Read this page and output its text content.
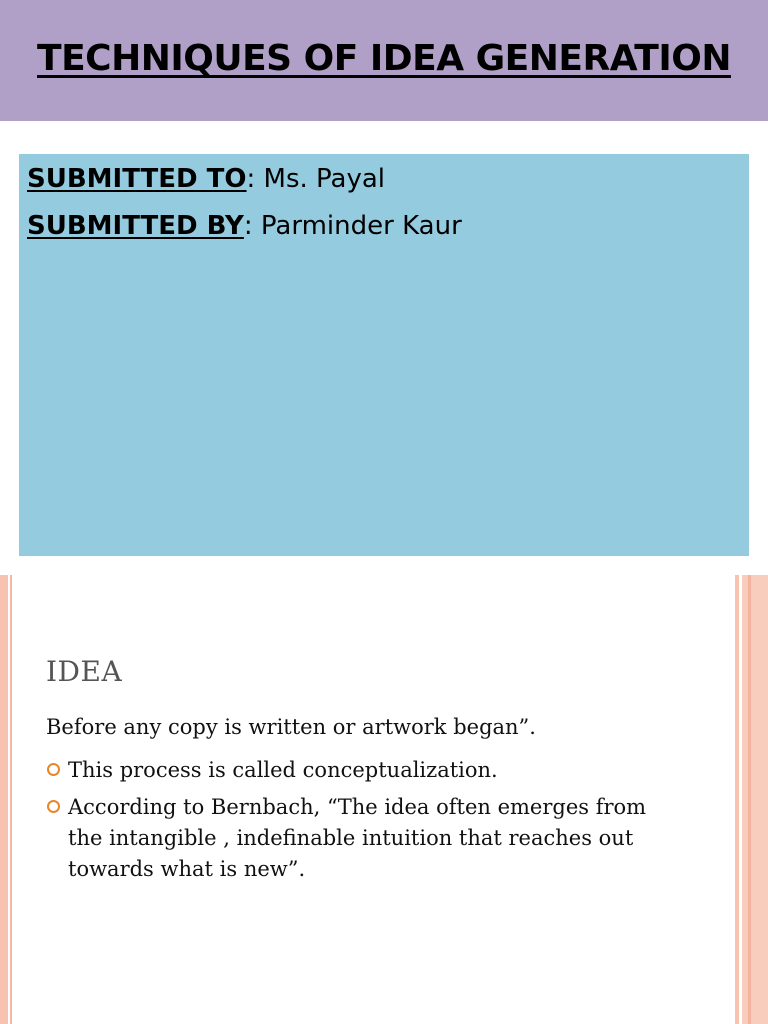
TECHNIQUES OF IDEA GENERATION
SUBMITTED TO: Ms. Payal
SUBMITTED BY: Parminder Kaur
IDEA
Before any copy is written or artwork began”.
This process is called conceptualization.
According to Bernbach, “The idea often emerges from the intangible , indefinable intuition that reaches out towards what is new”.
